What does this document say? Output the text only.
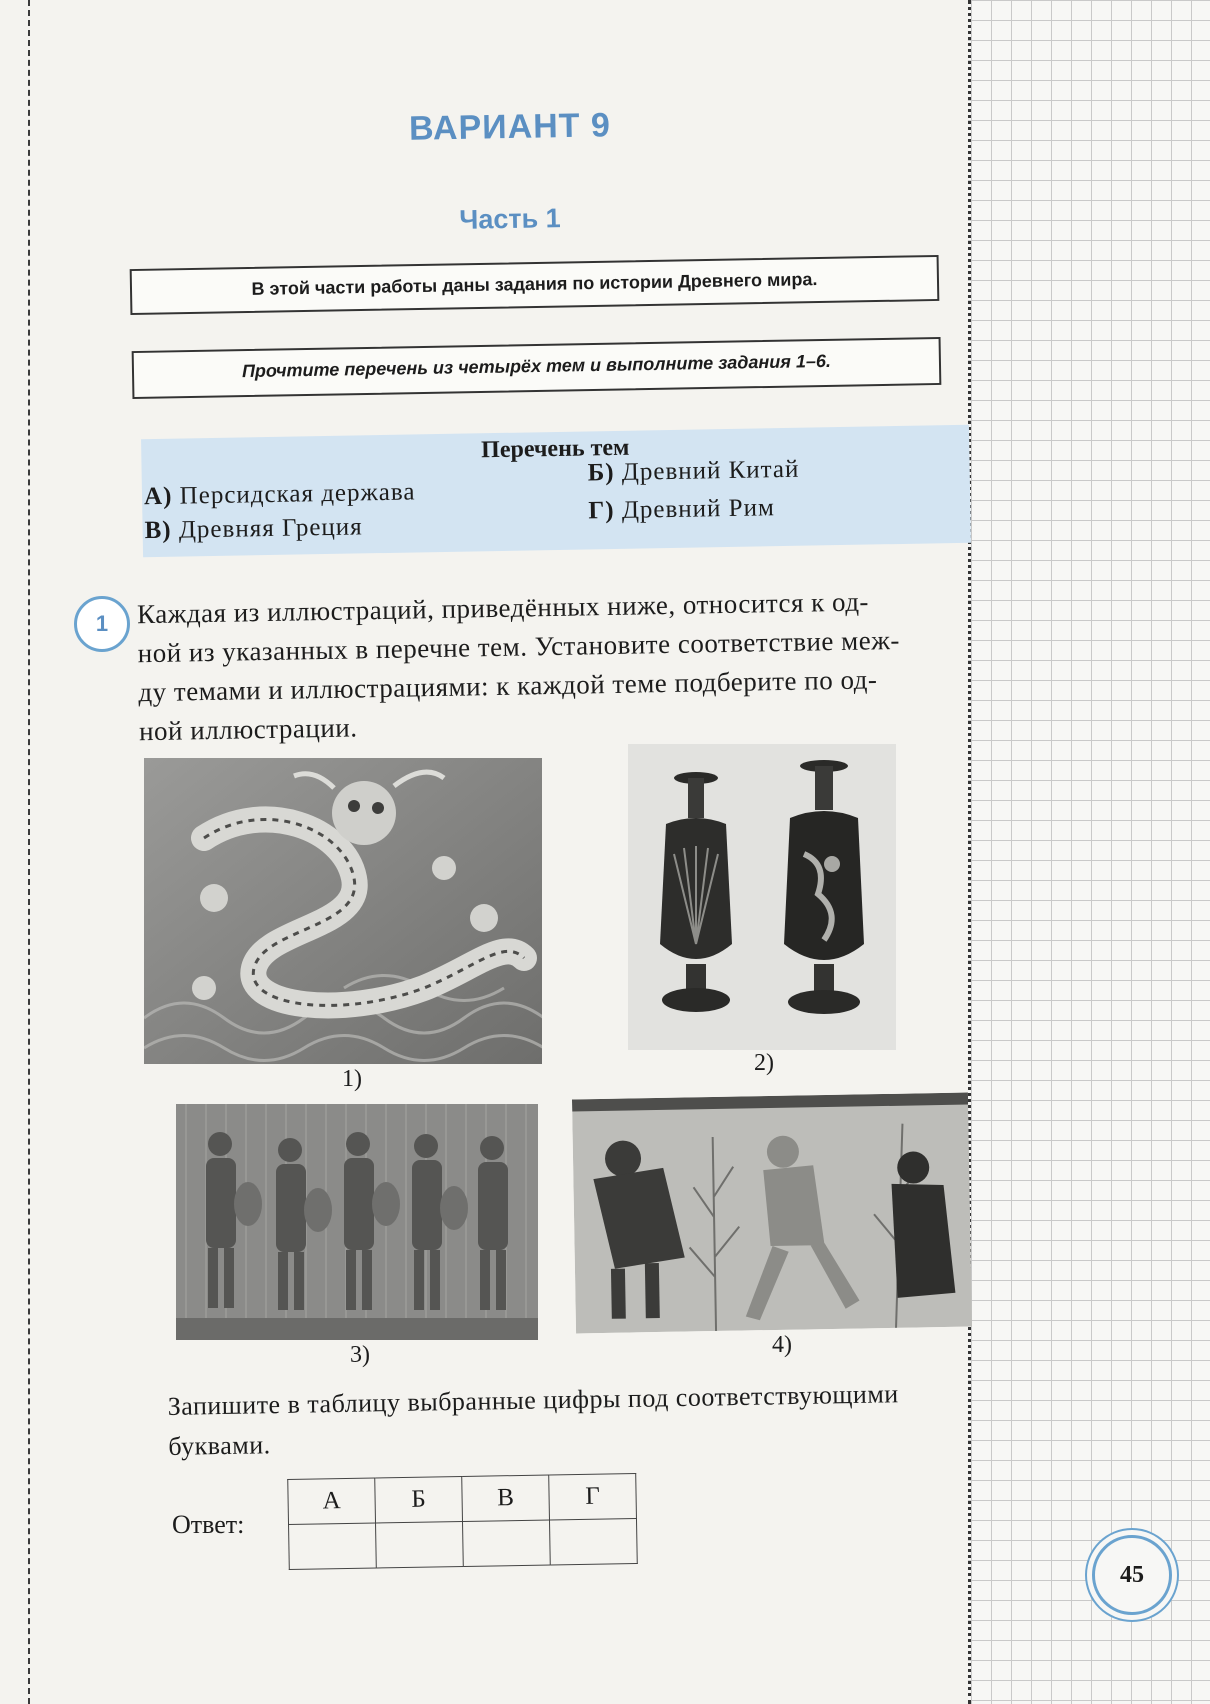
ВАРИАНТ 9
Часть 1
В этой части работы даны задания по истории Древнего мира.
Прочтите перечень из четырёх тем и выполните задания 1–6.
Перечень тем
А) Персидская держава
Б) Древний Китай
В) Древняя Греция
Г) Древний Рим
1	Каждая из иллюстраций, приведённых ниже, относится к од-
ной из указанных в перечне тем. Установите соответствие меж-
ду темами и иллюстрациями: к каждой теме подберите по од-
ной иллюстрации.
1)
2)
3)	4)
Запишите в таблицу выбранные цифры под соответствующими
буквами.
Ответ:
А	Б	В	Г

45
